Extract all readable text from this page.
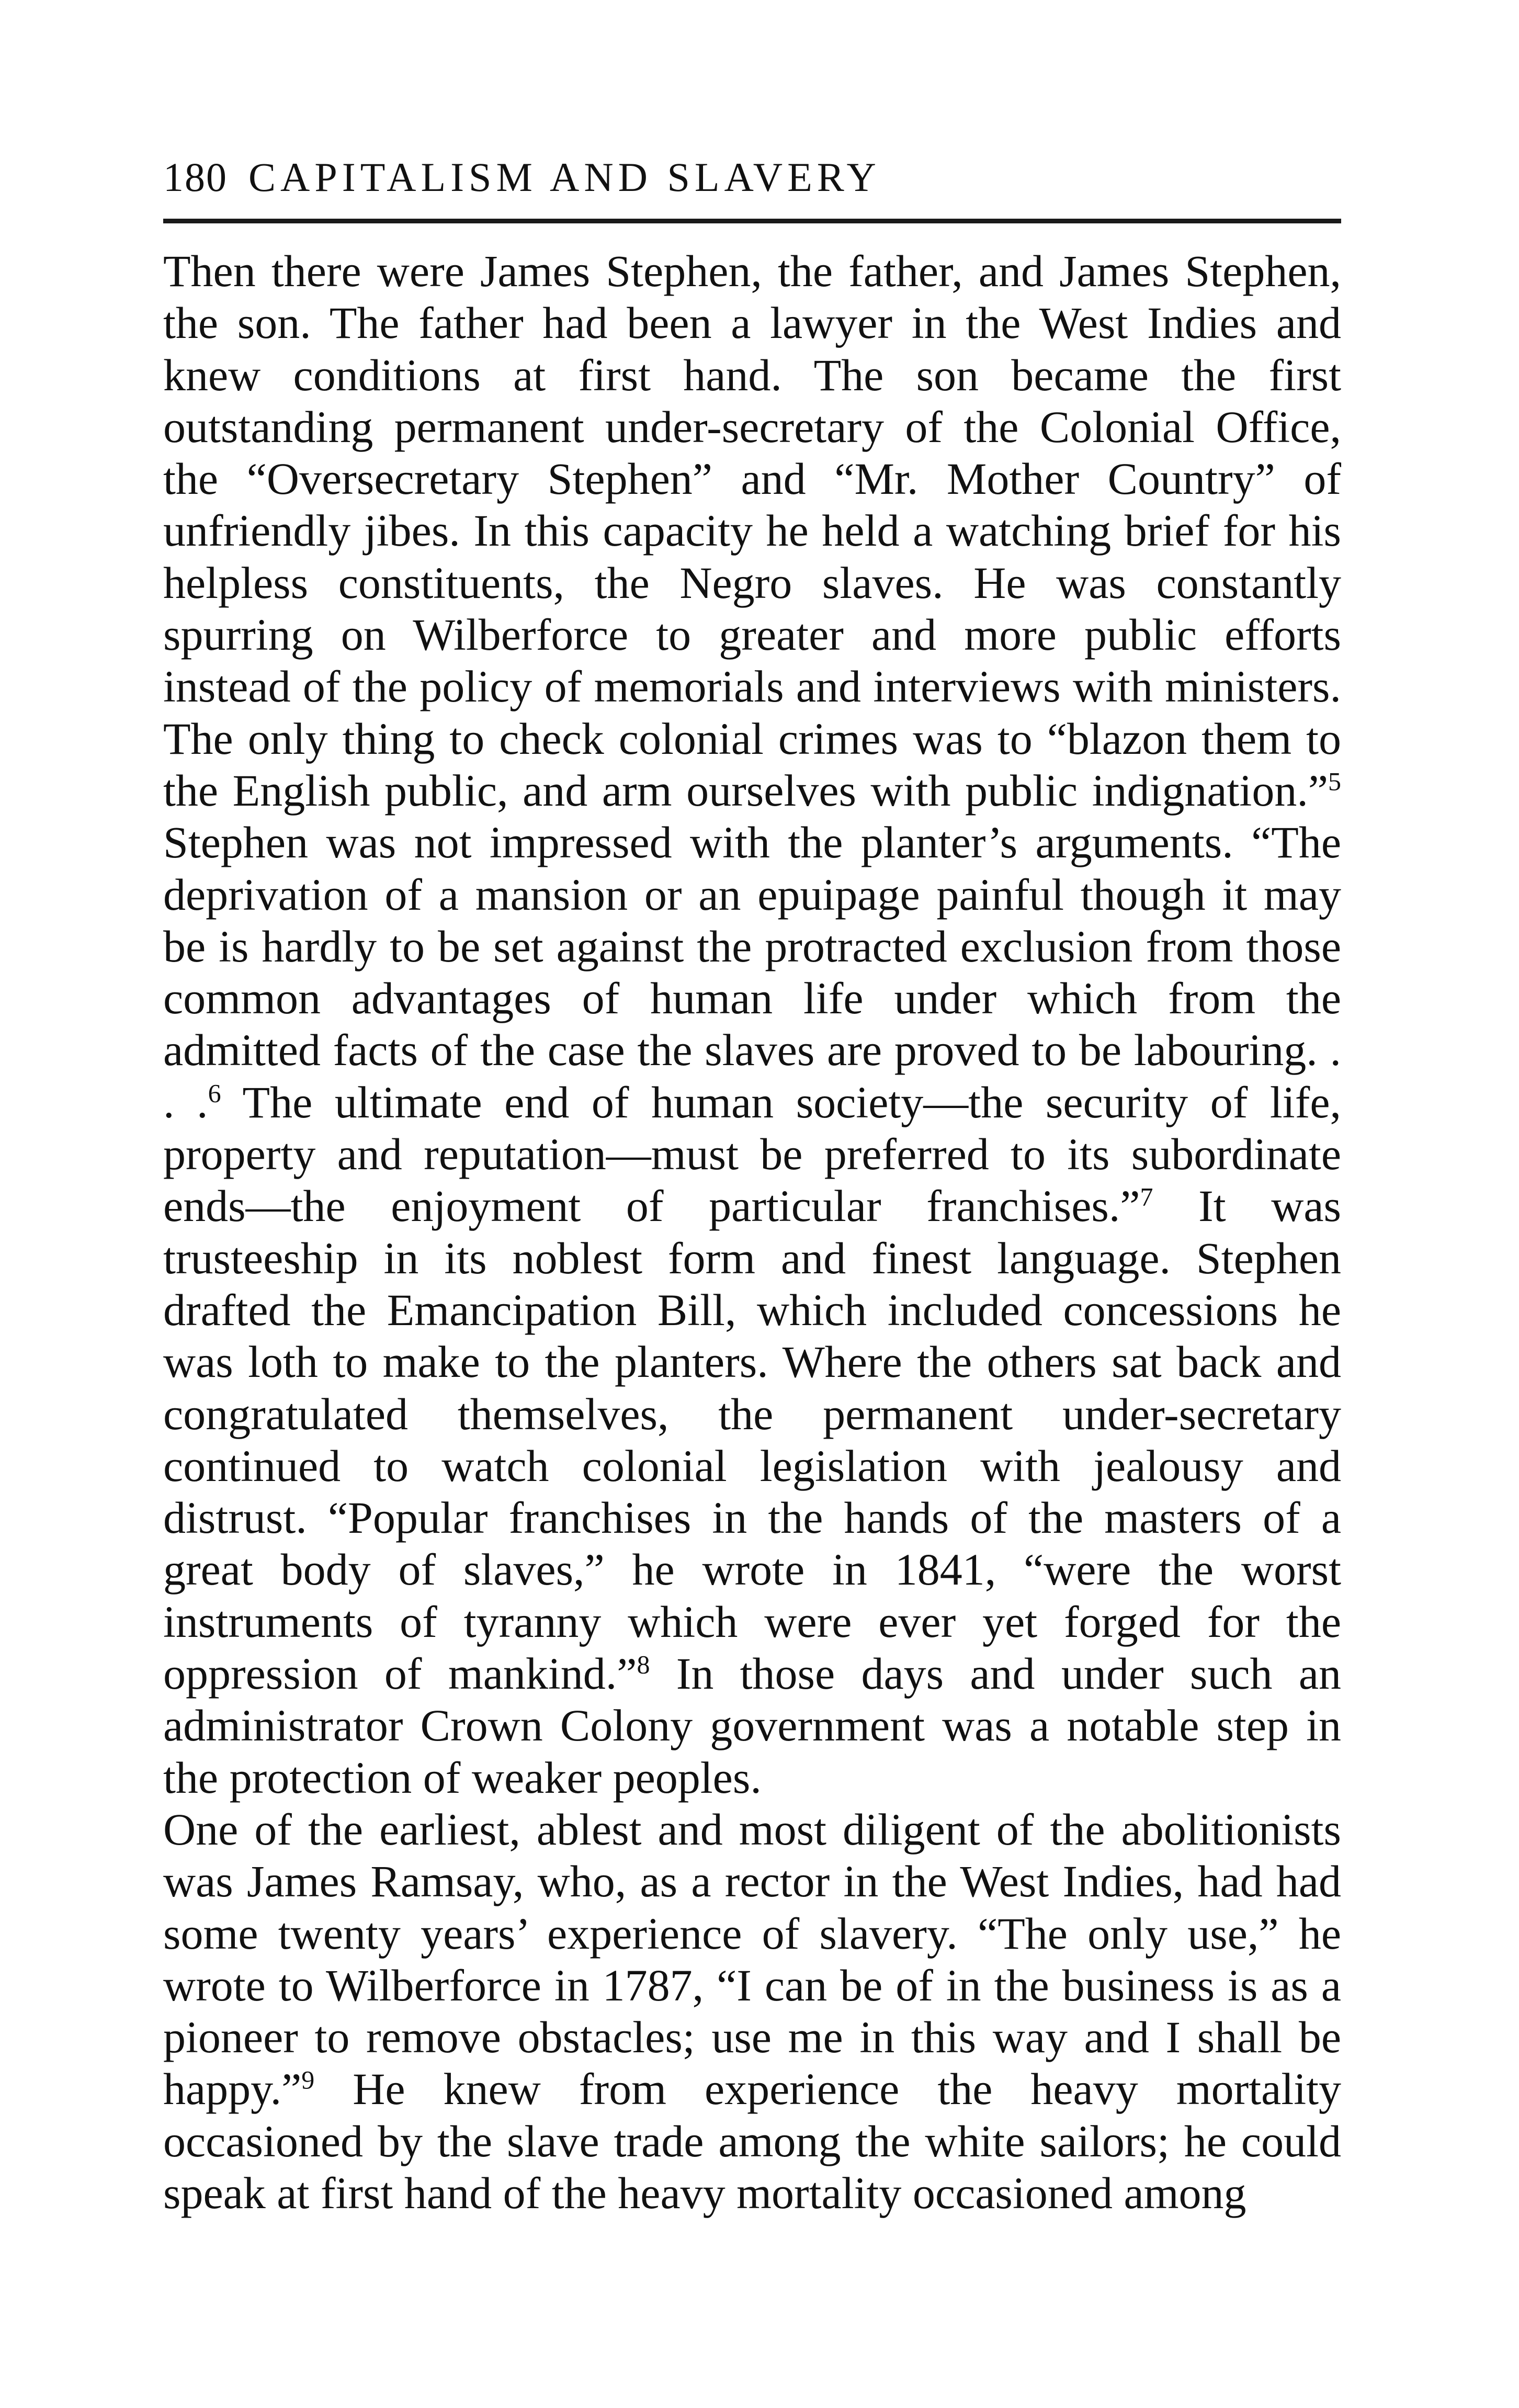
180 CAPITALISM AND SLAVERY

Then there were James Stephen, the father, and James Stephen, the son. The father had been a lawyer in the West Indies and knew conditions at first hand. The son became the first outstanding permanent under-secretary of the Colonial Office, the “Oversecretary Stephen” and “Mr. Mother Country” of unfriendly jibes. In this capacity he held a watching brief for his helpless constituents, the Negro slaves. He was constantly spurring on Wilberforce to greater and more public efforts instead of the policy of memorials and interviews with ministers. The only thing to check colonial crimes was to “blazon them to the English public, and arm ourselves with public indignation.”$^5$ Stephen was not impressed with the planter’s arguments. “The deprivation of a mansion or an epuipage painful though it may be is hardly to be set against the protracted exclusion from those common advantages of human life under which from the admitted facts of the case the slaves are proved to be labouring. . . .$^6$ The ultimate end of human society—the security of life, property and reputation—must be preferred to its subordinate ends—the enjoyment of particular franchises.”$^7$ It was trusteeship in its noblest form and finest language. Stephen drafted the Emancipation Bill, which included concessions he was loth to make to the planters. Where the others sat back and congratulated themselves, the permanent under-secretary continued to watch colonial legislation with jealousy and distrust. “Popular franchises in the hands of the masters of a great body of slaves,” he wrote in 1841, “were the worst instruments of tyranny which were ever yet forged for the oppression of mankind.”$^8$ In those days and under such an administrator Crown Colony government was a notable step in the protection of weaker peoples.

One of the earliest, ablest and most diligent of the abolitionists was James Ramsay, who, as a rector in the West Indies, had had some twenty years’ experience of slavery. “The only use,” he wrote to Wilberforce in 1787, “I can be of in the business is as a pioneer to remove obstacles; use me in this way and I shall be happy.”$^9$ He knew from experience the heavy mortality occasioned by the slave trade among the white sailors; he could speak at first hand of the heavy mortality occasioned among
